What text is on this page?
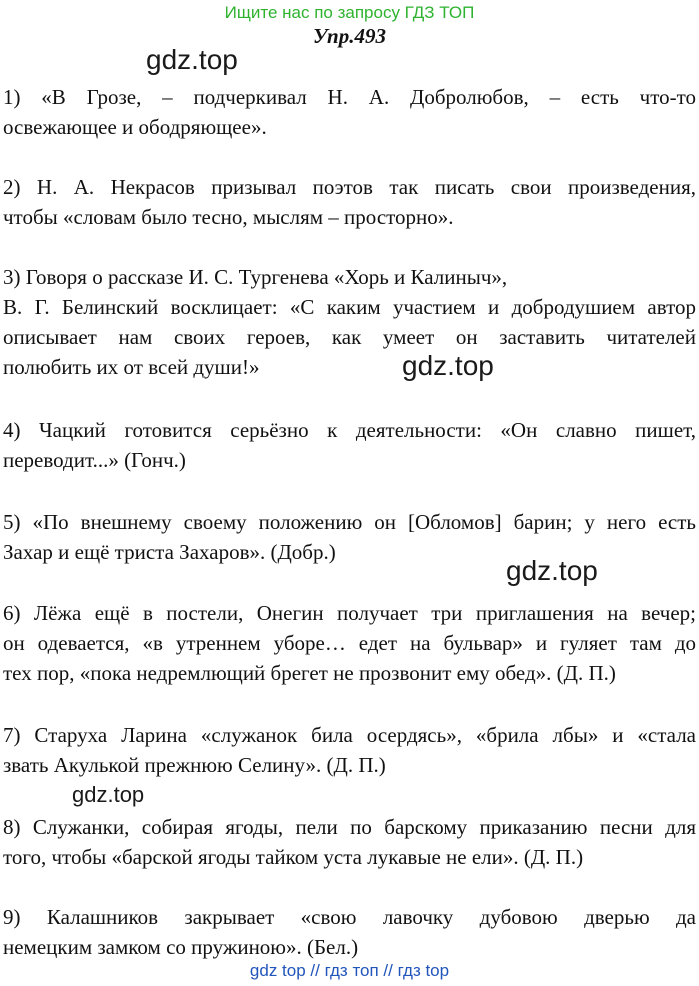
Ищите нас по запросу ГДЗ ТОП
Упр.493
1) «В Грозе, – подчеркивал Н. А. Добролюбов, – есть что-то
освежающее и ободряющее».
2) Н. А. Некрасов призывал поэтов так писать свои произведения,
чтобы «словам было тесно, мыслям – просторно».
3) Говоря о рассказе И. С. Тургенева «Хорь и Калиныч»,
В. Г. Белинский восклицает: «С каким участием и добродушием автор
описывает нам своих героев, как умеет он заставить читателей
полюбить их от всей души!»
4) Чацкий готовится серьёзно к деятельности: «Он славно пишет,
переводит...» (Гонч.)
5) «По внешнему своему положению он [Обломов] барин; у него есть
Захар и ещё триста Захаров». (Добр.)
6) Лёжа ещё в постели, Онегин получает три приглашения на вечер;
он одевается, «в утреннем уборе… едет на бульвар» и гуляет там до
тех пор, «пока недремлющий брегет не прозвонит ему обед». (Д. П.)
7) Старуха Ларина «служанок била осердясь», «брила лбы» и «стала
звать Акулькой прежнюю Селину». (Д. П.)
8) Служанки, собирая ягоды, пели по барскому приказанию песни для
того, чтобы «барской ягоды тайком уста лукавые не ели». (Д. П.)
9) Калашников закрывает «свою лавочку дубовою дверью да
немецким замком со пружиною». (Бел.)
gdz.top
gdz.top
gdz.top
gdz.top
gdz top // гдз топ // гдз top
